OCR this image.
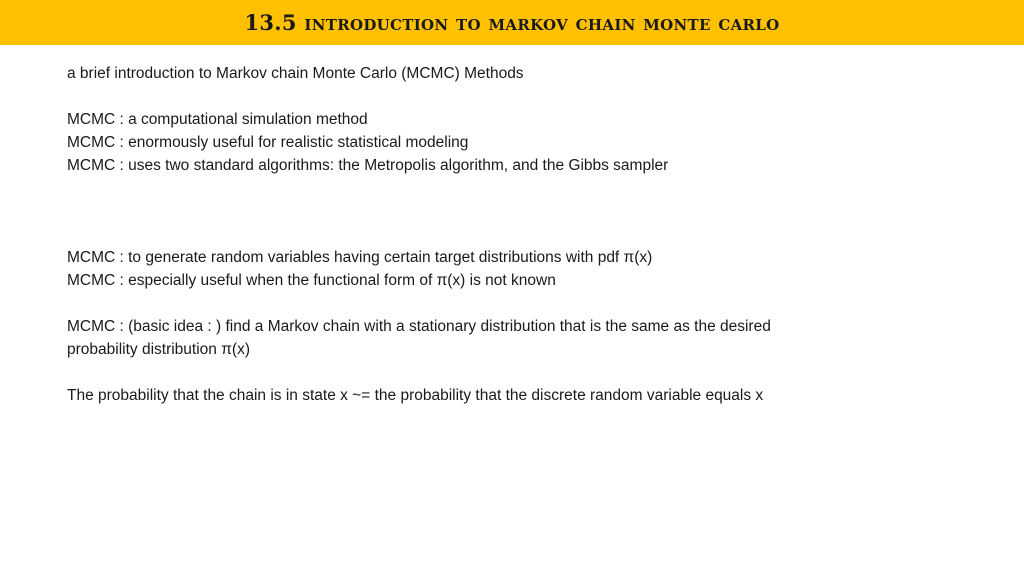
13.5 introduction to markov chain monte carlo
a brief introduction to Markov chain Monte Carlo (MCMC) Methods
MCMC : a computational simulation method
MCMC : enormously useful for realistic statistical modeling
MCMC : uses two standard algorithms: the Metropolis algorithm, and the Gibbs sampler
MCMC : to generate random variables having certain target distributions with pdf π(x)
MCMC : especially useful when the functional form of π(x) is not known
MCMC : (basic idea : ) find a Markov chain with a stationary distribution that is the same as the desired
probability distribution π(x)
The probability that the chain is in state x ~= the probability that the discrete random variable equals x
